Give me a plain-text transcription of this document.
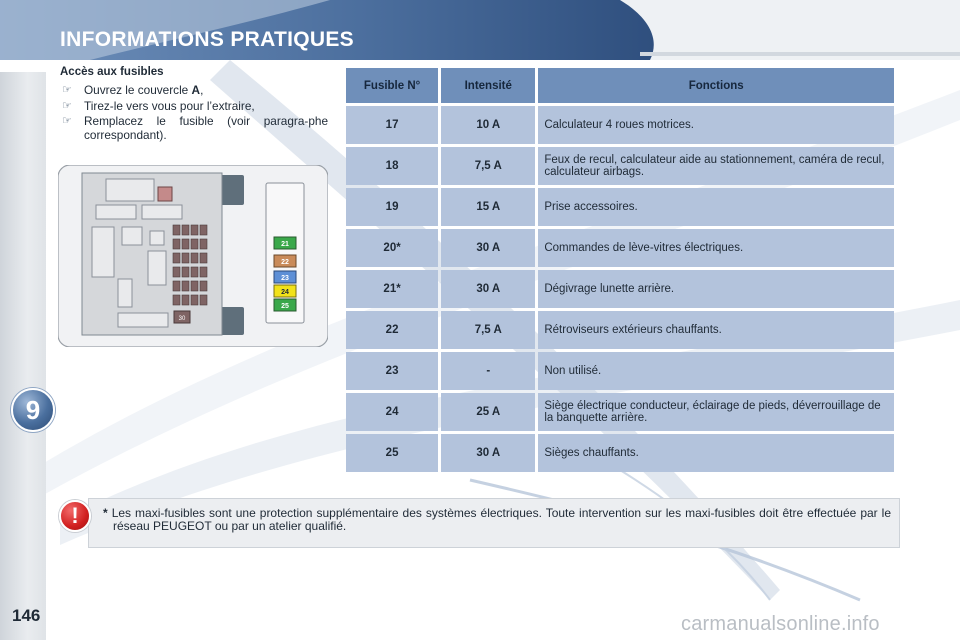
INFORMATIONS PRATIQUES
9
146
Accès aux fusibles
☞ Ouvrez le couvercle A,
☞ Tirez-le vers vous pour l’extraire,
☞ Remplacez le fusible (voir paragra-phe correspondant).
30
21
22
23
24
25
Fusible N°	Intensité	Fonctions
17	10 A	Calculateur 4 roues motrices.
18	7,5 A	Feux de recul, calculateur aide au stationnement, caméra de recul, calculateur airbags.
19	15 A	Prise accessoires.
20*	30 A	Commandes de lève-vitres électriques.
21*	30 A	Dégivrage lunette arrière.
22	7,5 A	Rétroviseurs extérieurs chauffants.
23	-	Non utilisé.
24	25 A	Siège électrique conducteur, éclairage de pieds, déverrouillage de la banquette arrière.
25	30 A	Sièges chauffants.
* Les maxi-fusibles sont une protection supplémentaire des systèmes électriques. Toute intervention sur les maxi-fusibles doit être effectuée par le réseau PEUGEOT ou par un atelier qualifié.
!
carmanualsonline.info
